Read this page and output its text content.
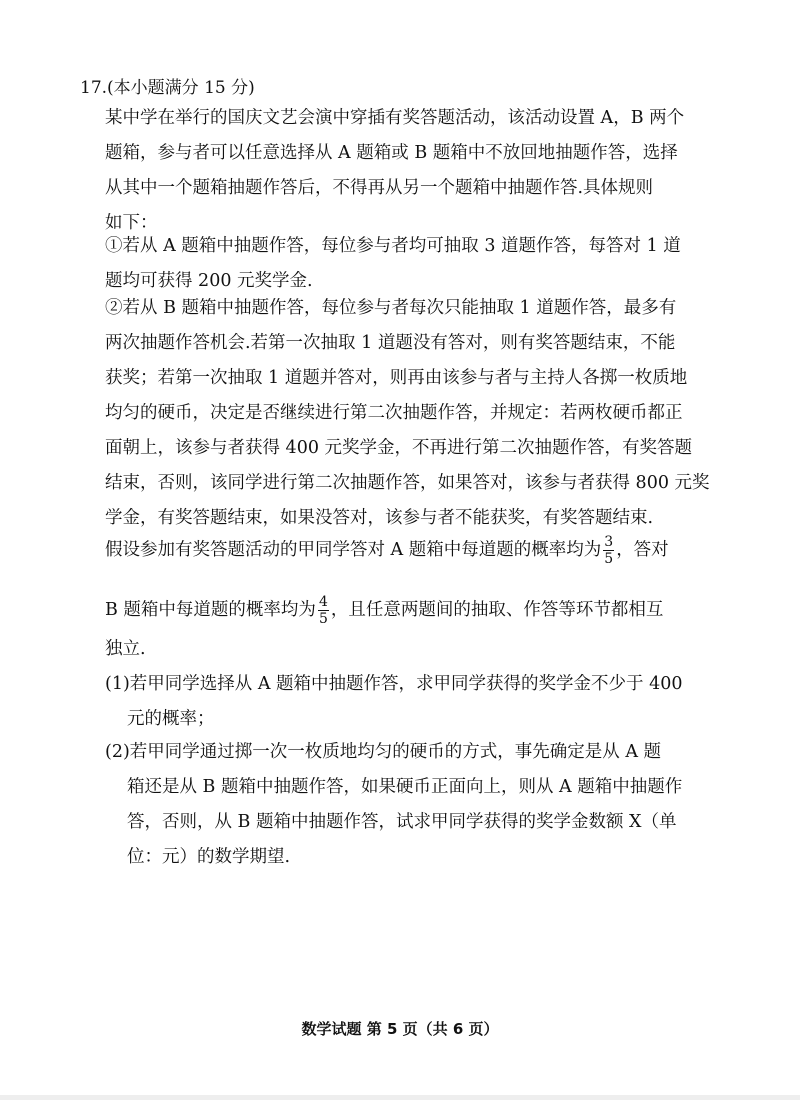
17.(本小题满分 15 分)
某中学在举行的国庆文艺会演中穿插有奖答题活动，该活动设置 A，B 两个
题箱，参与者可以任意选择从 A 题箱或 B 题箱中不放回地抽题作答，选择
从其中一个题箱抽题作答后，不得再从另一个题箱中抽题作答.具体规则
如下：
①若从 A 题箱中抽题作答，每位参与者均可抽取 3 道题作答，每答对 1 道
题均可获得 200 元奖学金.
②若从 B 题箱中抽题作答，每位参与者每次只能抽取 1 道题作答，最多有
两次抽题作答机会.若第一次抽取 1 道题没有答对，则有奖答题结束，不能
获奖；若第一次抽取 1 道题并答对，则再由该参与者与主持人各掷一枚质地
均匀的硬币，决定是否继续进行第二次抽题作答，并规定：若两枚硬币都正
面朝上，该参与者获得 400 元奖学金，不再进行第二次抽题作答，有奖答题
结束，否则，该同学进行第二次抽题作答，如果答对，该参与者获得 800 元奖
学金，有奖答题结束，如果没答对，该参与者不能获奖，有奖答题结束.
假设参加有奖答题活动的甲同学答对 A 题箱中每道题的概率均为 $\frac{3}{5}$ ，答对
B 题箱中每道题的概率均为 $\frac{4}{5}$ ，且任意两题间的抽取、作答等环节都相互
独立.
(1)若甲同学选择从 A 题箱中抽题作答，求甲同学获得的奖学金不少于 400
元的概率；
(2)若甲同学通过掷一次一枚质地均匀的硬币的方式，事先确定是从 A 题
箱还是从 B 题箱中抽题作答，如果硬币正面向上，则从 A 题箱中抽题作
答，否则，从 B 题箱中抽题作答，试求甲同学获得的奖学金数额 X（单
位：元）的数学期望.
数学试题 第 5 页（共 6 页）
